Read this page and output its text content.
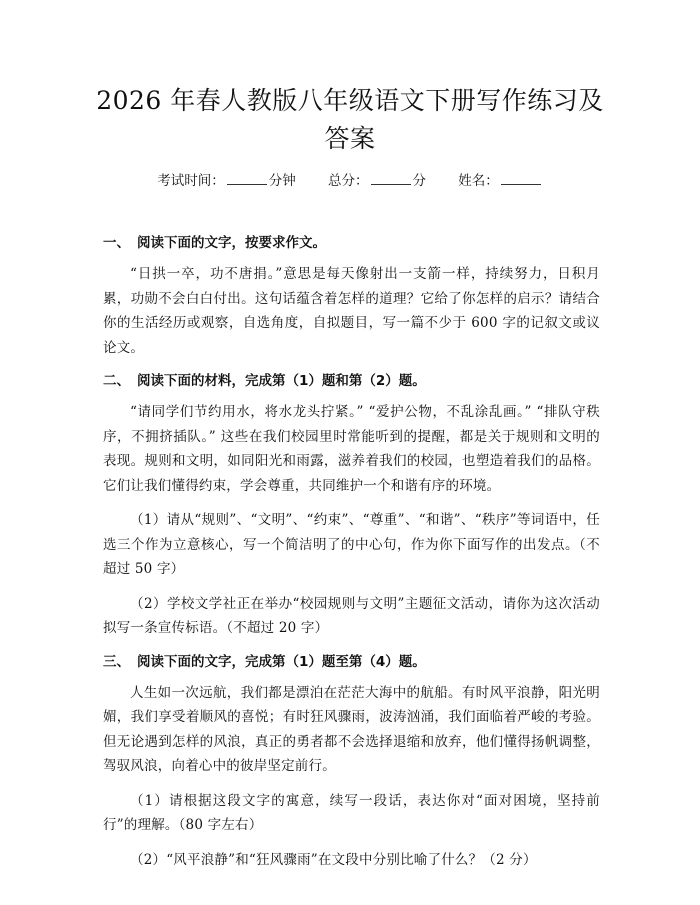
2026 年春人教版八年级语文下册写作练习及答案
考试时间：	分钟 总分：	分 姓名：
一、 阅读下面的文字，按要求作文。

“日拱一卒，功不唐捐。”意思是每天像射出一支箭一样，持续努力，日积月累，功勋不会白白付出。这句话蕴含着怎样的道理？它给了你怎样的启示？请结合你的生活经历或观察，自选角度，自拟题目，写一篇不少于 600 字的记叙文或议论文。

二、 阅读下面的材料，完成第（1）题和第（2）题。

“请同学们节约用水，将水龙头拧紧。” “爱护公物，不乱涂乱画。” “排队守秩序，不拥挤插队。” 这些在我们校园里时常能听到的提醒，都是关于规则和文明的表现。规则和文明，如同阳光和雨露，滋养着我们的校园，也塑造着我们的品格。它们让我们懂得约束，学会尊重，共同维护一个和谐有序的环境。

（1）请从“规则”、“文明”、“约束”、“尊重”、“和谐”、“秩序”等词语中，任选三个作为立意核心，写一个简洁明了的中心句，作为你下面写作的出发点。（不超过 50 字）

（2）学校文学社正在举办“校园规则与文明”主题征文活动，请你为这次活动拟写一条宣传标语。（不超过 20 字）

三、 阅读下面的文字，完成第（1）题至第（4）题。

人生如一次远航，我们都是漂泊在茫茫大海中的航船。有时风平浪静，阳光明媚，我们享受着顺风的喜悦；有时狂风骤雨，波涛汹涌，我们面临着严峻的考验。但无论遇到怎样的风浪，真正的勇者都不会选择退缩和放弃，他们懂得扬帆调整，驾驭风浪，向着心中的彼岸坚定前行。

（1）请根据这段文字的寓意，续写一段话，表达你对“面对困境，坚持前行”的理解。（80 字左右）

（2）“风平浪静”和“狂风骤雨”在文段中分别比喻了什么？（2 分）
